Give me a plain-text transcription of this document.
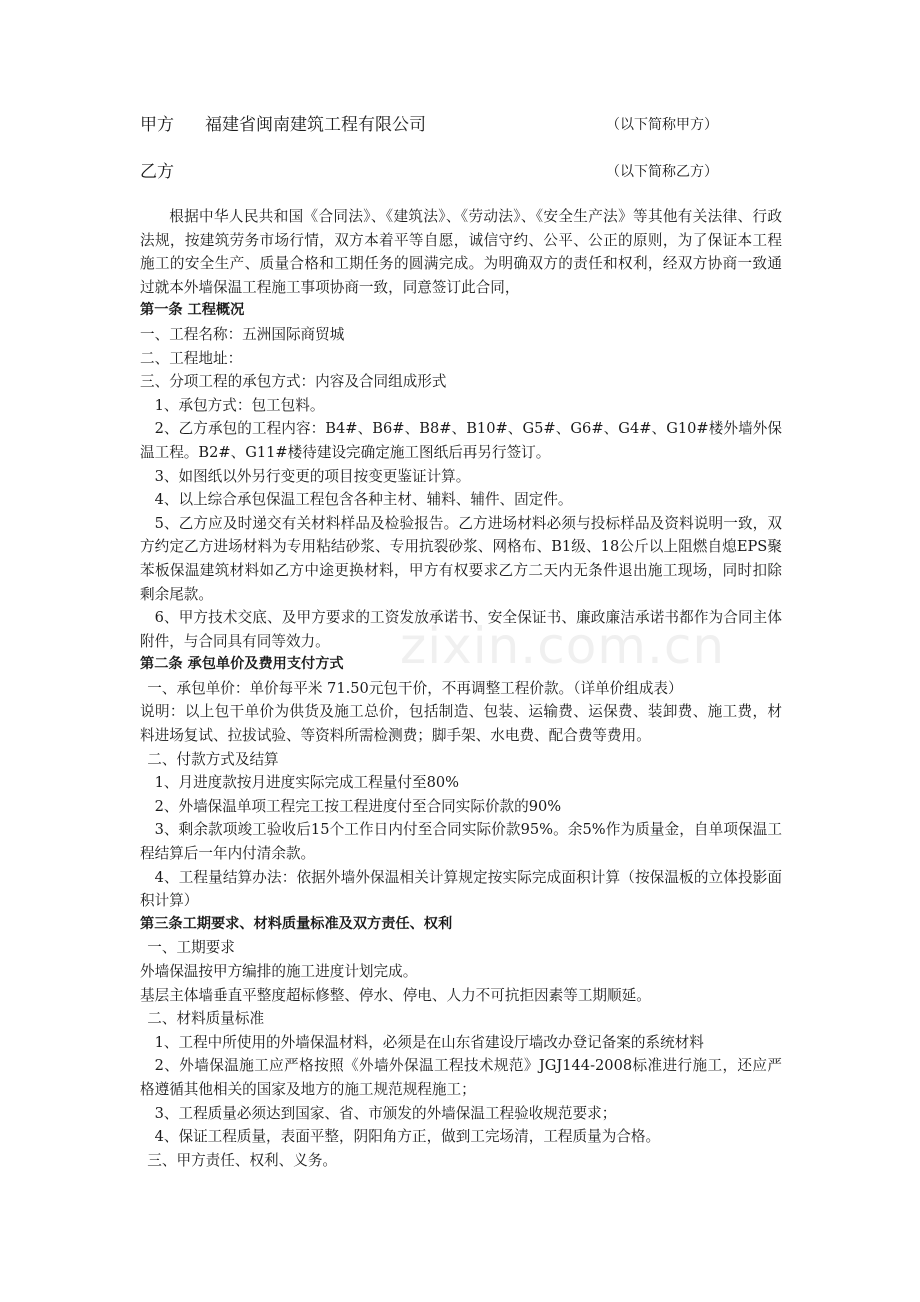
甲方 福建省闽南建筑工程有限公司	（以下简称甲方）
乙方	（以下简称乙方）

根据中华人民共和国《合同法》、《建筑法》、《劳动法》、《安全生产法》等其他有关法律、行政法规，按建筑劳务市场行情，双方本着平等自愿，诚信守约、公平、公正的原则，为了保证本工程施工的安全生产、质量合格和工期任务的圆满完成。为明确双方的责任和权利，经双方协商一致通过就本外墙保温工程施工事项协商一致，同意签订此合同，

第一条 工程概况

一、工程名称：五洲国际商贸城

二、工程地址：

三、分项工程的承包方式：内容及合同组成形式

1、承包方式：包工包料。

2、乙方承包的工程内容：B4#、B6#、B8#、B10#、G5#、G6#、G4#、G10#楼外墙外保温工程。B2#、G11#楼待建设完确定施工图纸后再另行签订。

3、如图纸以外另行变更的项目按变更鉴证计算。

4、以上综合承包保温工程包含各种主材、辅料、辅件、固定件。

5、乙方应及时递交有关材料样品及检验报告。乙方进场材料必须与投标样品及资料说明一致，双方约定乙方进场材料为专用粘结砂浆、专用抗裂砂浆、网格布、B1级、18公斤以上阻燃自熄EPS聚苯板保温建筑材料如乙方中途更换材料，甲方有权要求乙方二天内无条件退出施工现场，同时扣除剩余尾款。

6、甲方技术交底、及甲方要求的工资发放承诺书、安全保证书、廉政廉洁承诺书都作为合同主体附件，与合同具有同等效力。

第二条 承包单价及费用支付方式

一、承包单价：单价每平米 71.50元包干价，不再调整工程价款。（详单价组成表）

说明：以上包干单价为供货及施工总价，包括制造、包装、运输费、运保费、装卸费、施工费，材料进场复试、拉拔试验、等资料所需检测费；脚手架、水电费、配合费等费用。

二、付款方式及结算

1、月进度款按月进度实际完成工程量付至80%

2、外墙保温单项工程完工按工程进度付至合同实际价款的90%

3、剩余款项竣工验收后15个工作日内付至合同实际价款95%。余5%作为质量金，自单项保温工程结算后一年内付清余款。

4、工程量结算办法：依据外墙外保温相关计算规定按实际完成面积计算（按保温板的立体投影面积计算）

第三条工期要求、材料质量标准及双方责任、权利

一、工期要求

外墙保温按甲方编排的施工进度计划完成。

基层主体墙垂直平整度超标修整、停水、停电、人力不可抗拒因素等工期顺延。

二、材料质量标准

1、工程中所使用的外墙保温材料，必须是在山东省建设厅墙改办登记备案的系统材料

2、外墙保温施工应严格按照《外墙外保温工程技术规范》JGJ144-2008标准进行施工，还应严格遵循其他相关的国家及地方的施工规范规程施工；

3、工程质量必须达到国家、省、市颁发的外墙保温工程验收规范要求；

4、保证工程质量，表面平整，阴阳角方正，做到工完场清，工程质量为合格。

三、甲方责任、权利、义务。

zixin.com.cn
